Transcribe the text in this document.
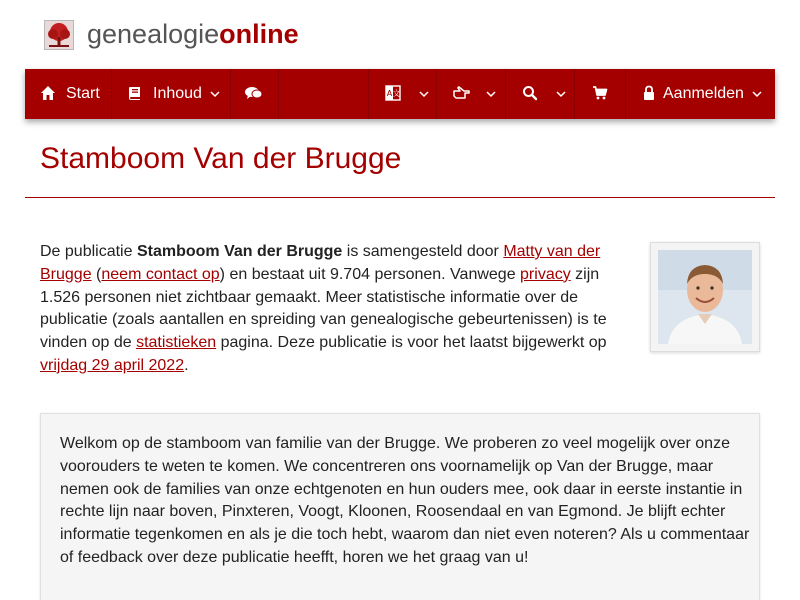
genealogieonline
Start	Inhoud	A 文	Aanmelden
Stamboom Van der Brugge

De publicatie Stamboom Van der Brugge is samengesteld door Matty van der Brugge (neem contact op) en bestaat uit 9.704 personen. Vanwege privacy zijn 1.526 personen niet zichtbaar gemaakt. Meer statistische informatie over de publicatie (zoals aantallen en spreiding van genealogische gebeurtenissen) is te vinden op de statistieken pagina. Deze publicatie is voor het laatst bijgewerkt op vrijdag 29 april 2022.

Welkom op de stamboom van familie van der Brugge. We proberen zo veel mogelijk over onze voorouders te weten te komen. We concentreren ons voornamelijk op Van der Brugge, maar nemen ook de families van onze echtgenoten en hun ouders mee, ook daar in eerste instantie in rechte lijn naar boven, Pinxteren, Voogt, Kloonen, Roosendaal en van Egmond. Je blijft echter informatie tegenkomen en als je die toch hebt, waarom dan niet even noteren? Als u commentaar of feedback over deze publicatie heefft, horen we het graag van u!
